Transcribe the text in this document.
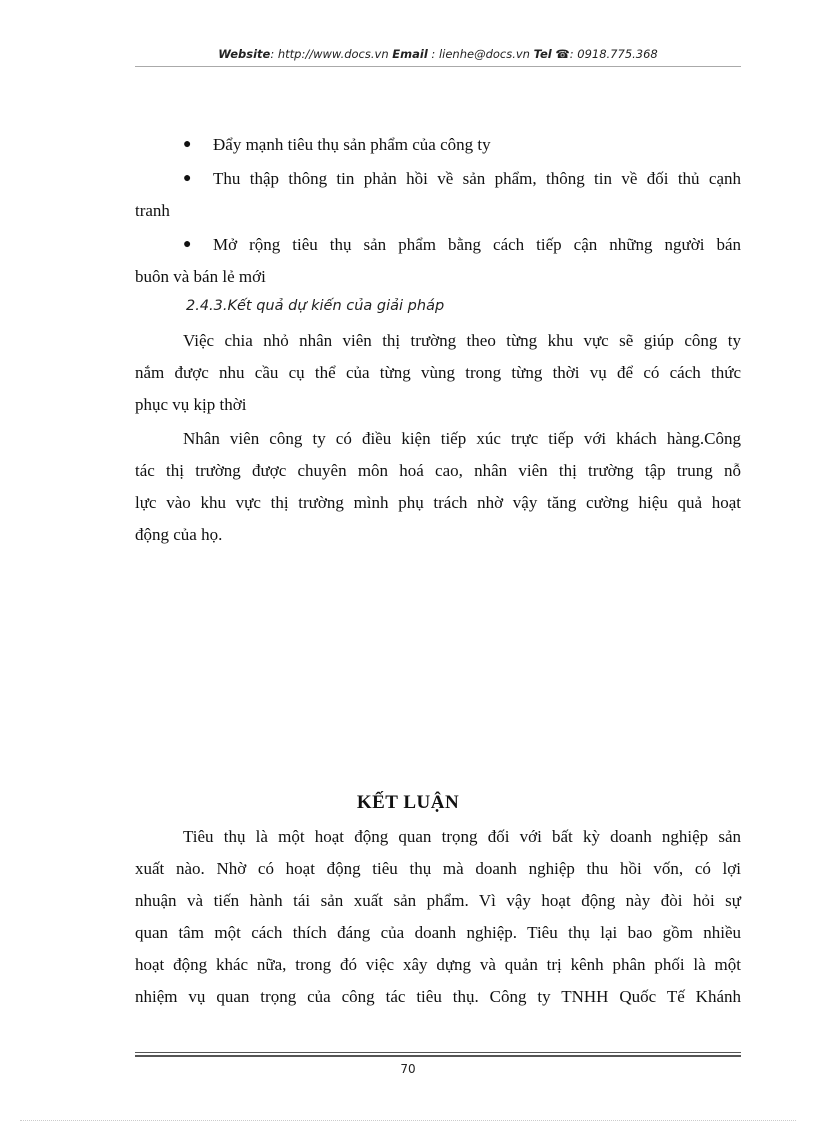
Website: http://www.docs.vn Email : lienhe@docs.vn Tel ☎: 0918.775.368
● Đẩy mạnh tiêu thụ sản phẩm của công ty
● Thu thập thông tin phản hồi về sản phẩm, thông tin về đối thủ cạnh
tranh
● Mở rộng tiêu thụ sản phẩm bằng cách tiếp cận những người bán
buôn và bán lẻ mới
2.4.3.Kết quả dự kiến của giải pháp
Việc chia nhỏ nhân viên thị trường theo từng khu vực sẽ giúp công ty
nắm được nhu cầu cụ thể của từng vùng trong từng thời vụ để có cách thức
phục vụ kịp thời
Nhân viên công ty có điều kiện tiếp xúc trực tiếp với khách hàng.Công
tác thị trường được chuyên môn hoá cao, nhân viên thị trường tập trung nỗ
lực vào khu vực thị trường mình phụ trách nhờ vậy tăng cường hiệu quả hoạt
động của họ.
KẾT LUẬN
Tiêu thụ là một hoạt động quan trọng đối với bất kỳ doanh nghiệp sản
xuất nào. Nhờ có hoạt động tiêu thụ mà doanh nghiệp thu hồi vốn, có lợi
nhuận và tiến hành tái sản xuất sản phẩm. Vì vậy hoạt động này đòi hỏi sự
quan tâm một cách thích đáng của doanh nghiệp. Tiêu thụ lại bao gồm nhiều
hoạt động khác nữa, trong đó việc xây dựng và quản trị kênh phân phối là một
nhiệm vụ quan trọng của công tác tiêu thụ. Công ty TNHH Quốc Tế Khánh
70
